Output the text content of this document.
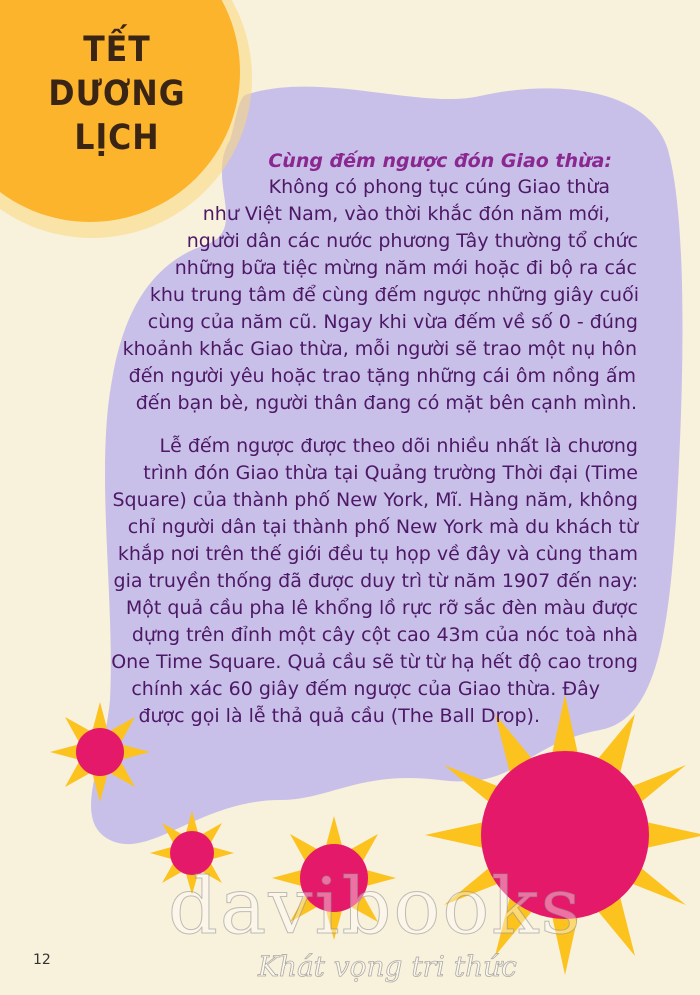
TẾT
DƯƠNG
LỊCH
Cùng đếm ngược đón Giao thừa:
Không có phong tục cúng Giao thừa
như Việt Nam, vào thời khắc đón năm mới,
người dân các nước phương Tây thường tổ chức
những bữa tiệc mừng năm mới hoặc đi bộ ra các
khu trung tâm để cùng đếm ngược những giây cuối
cùng của năm cũ. Ngay khi vừa đếm về số 0 - đúng
khoảnh khắc Giao thừa, mỗi người sẽ trao một nụ hôn
đến người yêu hoặc trao tặng những cái ôm nồng ấm
đến bạn bè, người thân đang có mặt bên cạnh mình.
Lễ đếm ngược được theo dõi nhiều nhất là chương
trình đón Giao thừa tại Quảng trường Thời đại (Time
Square) của thành phố New York, Mĩ. Hàng năm, không
chỉ người dân tại thành phố New York mà du khách từ
khắp nơi trên thế giới đều tụ họp về đây và cùng tham
gia truyền thống đã được duy trì từ năm 1907 đến nay:
Một quả cầu pha lê khổng lồ rực rỡ sắc đèn màu được
dựng trên đỉnh một cây cột cao 43m của nóc toà nhà
One Time Square. Quả cầu sẽ từ từ hạ hết độ cao trong
chính xác 60 giây đếm ngược của Giao thừa. Đây
được gọi là lễ thả quả cầu (The Ball Drop).
davibooks
Khát vọng tri thức
12
